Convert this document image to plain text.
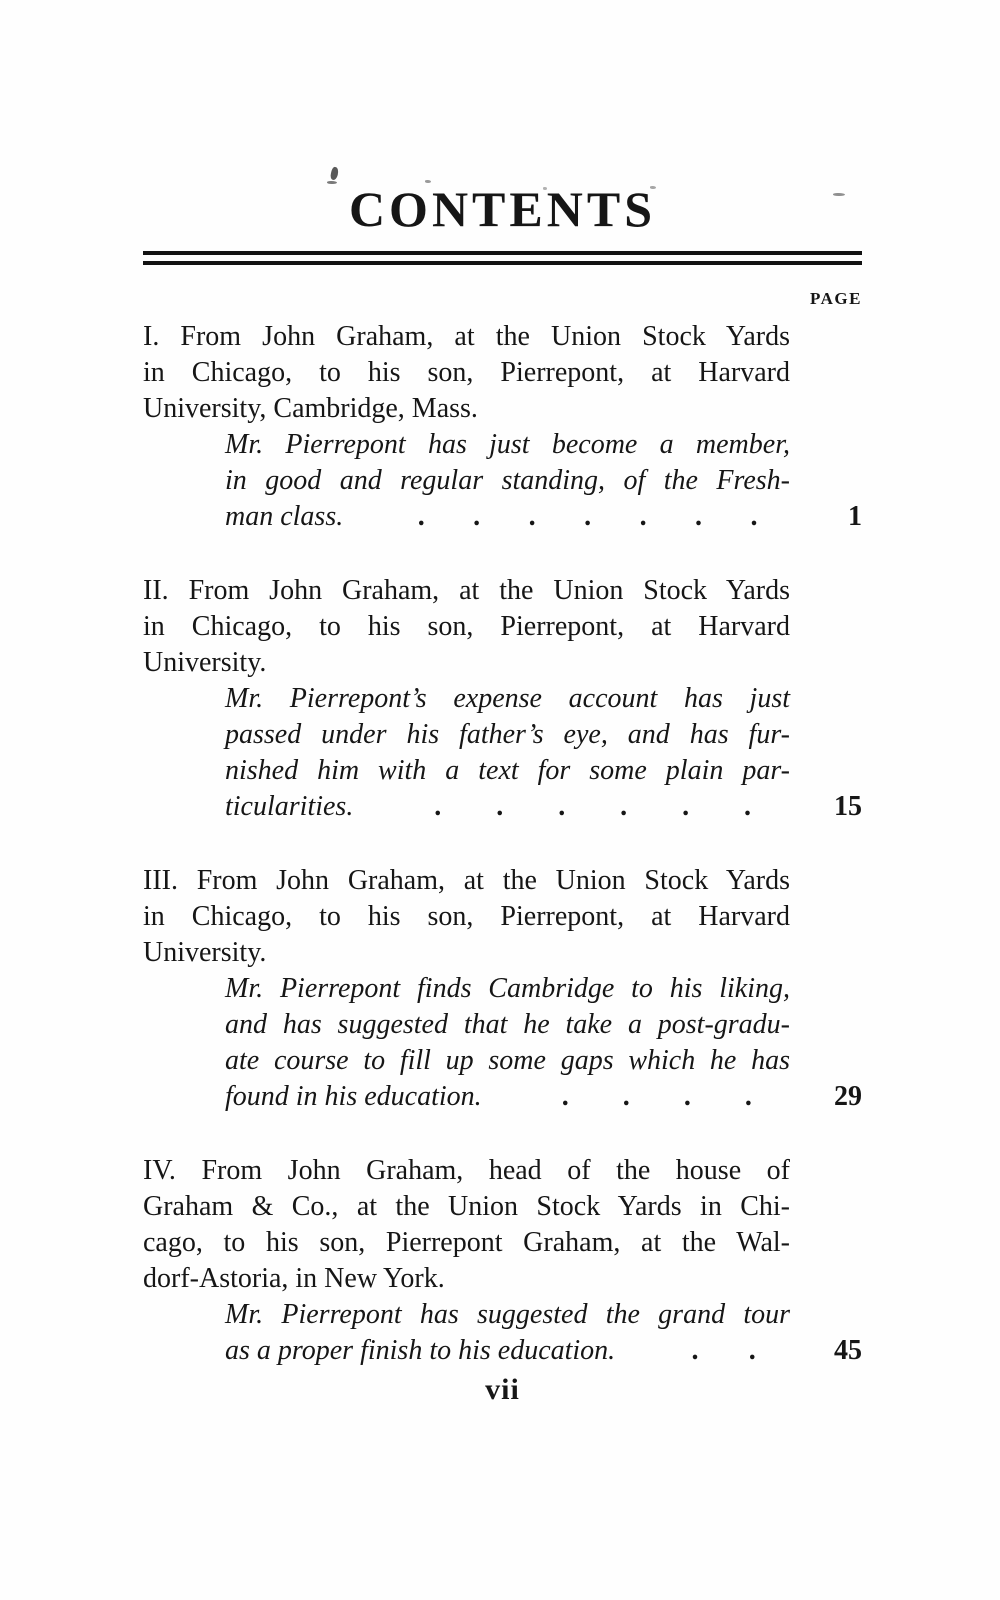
CONTENTS
PAGE
I. From John Graham, at the Union Stock Yards
in Chicago, to his son, Pierrepont, at Harvard
University, Cambridge, Mass.
Mr. Pierrepont has just become a member,
in good and regular standing, of the Fresh-
man class.	. . . . . . .	1
II. From John Graham, at the Union Stock Yards
in Chicago, to his son, Pierrepont, at Harvard
University.
Mr. Pierrepont’s expense account has just
passed under his father’s eye, and has fur-
nished him with a text for some plain par-
ticularities.	. . . . . .	15
III. From John Graham, at the Union Stock Yards
in Chicago, to his son, Pierrepont, at Harvard
University.
Mr. Pierrepont finds Cambridge to his liking,
and has suggested that he take a post-gradu-
ate course to fill up some gaps which he has
found in his education.	. . . .	29
IV. From John Graham, head of the house of
Graham & Co., at the Union Stock Yards in Chi-
cago, to his son, Pierrepont Graham, at the Wal-
dorf-Astoria, in New York.
Mr. Pierrepont has suggested the grand tour
as a proper finish to his education.	. .	45
vii
